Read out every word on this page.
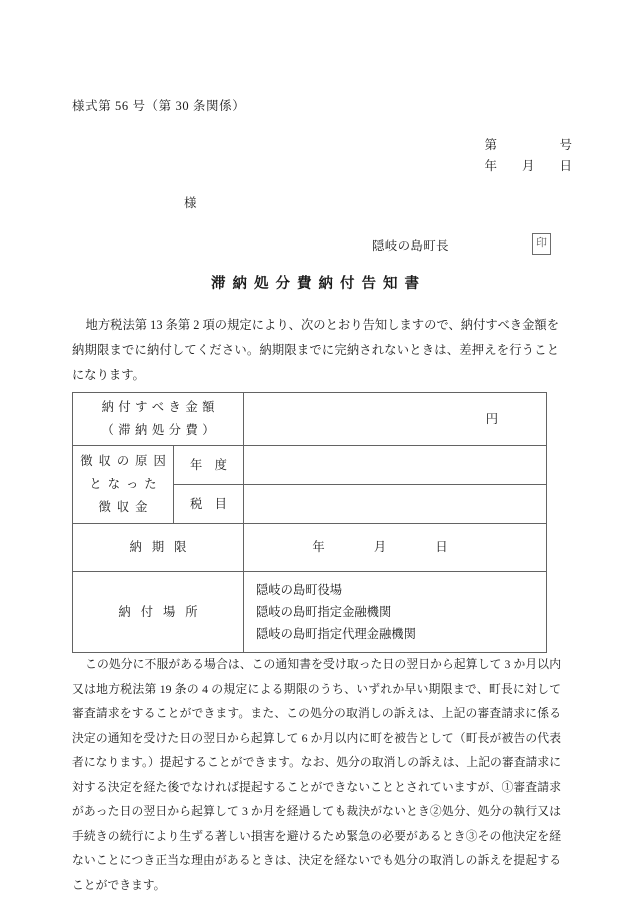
様式第 56 号（第 30 条関係）
第　　　　　号
年　　月　　日
様
隠岐の島町長	印
滞納処分費納付告知書
地方税法第 13 条第 2 項の規定により、次のとおり告知しますので、納付すべき金額を納期限までに納付してください。納期限までに完納されないときは、差押えを行うことになります。
納付すべき金額
（滞納処分費）		円

徴収の原因
となった
徴収金	年　度	
	税　目	
納期限		年　　　　月　　　　日

納付場所		隠岐の島町役場
隠岐の島町指定金融機関
隠岐の島町指定代理金融機関
この処分に不服がある場合は、この通知書を受け取った日の翌日から起算して 3 か月以内又は地方税法第 19 条の 4 の規定による期限のうち、いずれか早い期限まで、町長に対して審査請求をすることができます。また、この処分の取消しの訴えは、上記の審査請求に係る決定の通知を受けた日の翌日から起算して 6 か月以内に町を被告として（町長が被告の代表者になります。）提起することができます。なお、処分の取消しの訴えは、上記の審査請求に対する決定を経た後でなければ提起することができないこととされていますが、①審査請求があった日の翌日から起算して 3 か月を経過しても裁決がないとき②処分、処分の執行又は手続きの続行により生ずる著しい損害を避けるため緊急の必要があるとき③その他決定を経ないことにつき正当な理由があるときは、決定を経ないでも処分の取消しの訴えを提起することができます。
